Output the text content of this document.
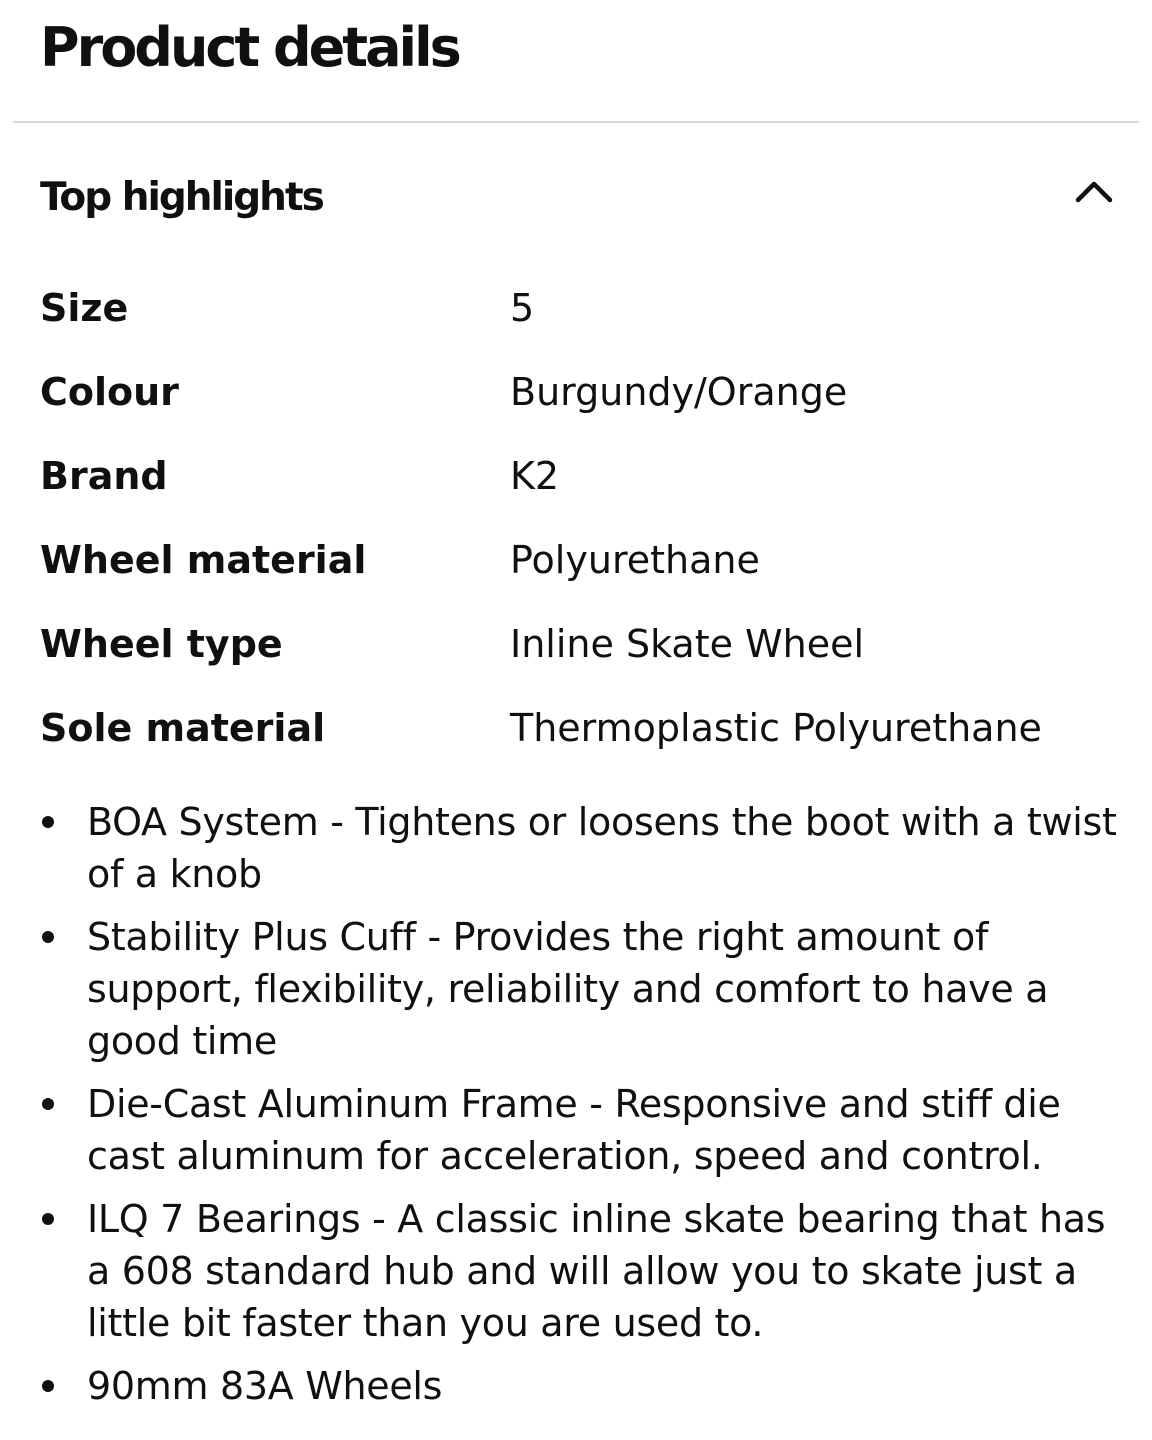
Product details
Top highlights
Size	5
Colour	Burgundy/Orange
Brand	K2
Wheel material	Polyurethane
Wheel type	Inline Skate Wheel
Sole material	Thermoplastic Polyurethane
BOA System - Tightens or loosens the boot with a twist of a knob
Stability Plus Cuff - Provides the right amount of support, flexibility, reliability and comfort to have a good time
Die-Cast Aluminum Frame - Responsive and stiff die cast aluminum for acceleration, speed and control.
ILQ 7 Bearings - A classic inline skate bearing that has a 608 standard hub and will allow you to skate just a little bit faster than you are used to.
90mm 83A Wheels
